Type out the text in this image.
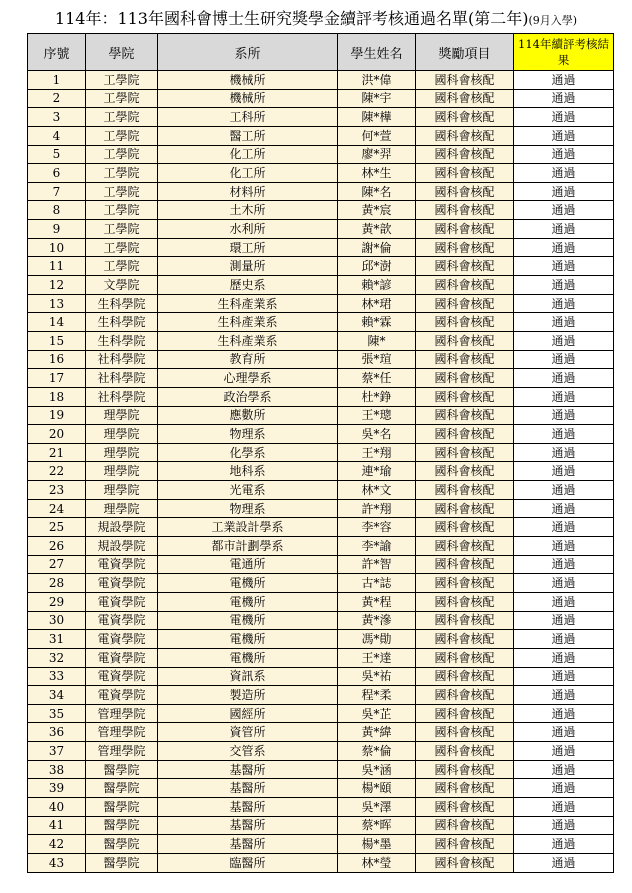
114年：113年國科會博士生研究獎學金續評考核通過名單(第二年)(9月入學)
序號	學院	系所	學生姓名	獎勵項目	114年續評考核結果
1	工學院	機械所	洪*偉	國科會核配	通過
2	工學院	機械所	陳*宇	國科會核配	通過
3	工學院	工科所	陳*樺	國科會核配	通過
4	工學院	醫工所	何*萱	國科會核配	通過
5	工學院	化工所	廖*羿	國科會核配	通過
6	工學院	化工所	林*生	國科會核配	通過
7	工學院	材料所	陳*名	國科會核配	通過
8	工學院	土木所	黃*宸	國科會核配	通過
9	工學院	水利所	黃*歆	國科會核配	通過
10	工學院	環工所	謝*倫	國科會核配	通過
11	工學院	測量所	邱*澍	國科會核配	通過
12	文學院	歷史系	賴*諺	國科會核配	通過
13	生科學院	生科產業系	林*珺	國科會核配	通過
14	生科學院	生科產業系	賴*霖	國科會核配	通過
15	生科學院	生科產業系	陳*	國科會核配	通過
16	社科學院	教育所	張*瑄	國科會核配	通過
17	社科學院	心理學系	蔡*任	國科會核配	通過
18	社科學院	政治學系	杜*錚	國科會核配	通過
19	理學院	應數所	王*璁	國科會核配	通過
20	理學院	物理系	吳*名	國科會核配	通過
21	理學院	化學系	王*翔	國科會核配	通過
22	理學院	地科系	連*瑜	國科會核配	通過
23	理學院	光電系	林*文	國科會核配	通過
24	理學院	物理系	許*翔	國科會核配	通過
25	規設學院	工業設計學系	李*容	國科會核配	通過
26	規設學院	都市計劃學系	李*諭	國科會核配	通過
27	電資學院	電通所	許*智	國科會核配	通過
28	電資學院	電機所	古*誌	國科會核配	通過
29	電資學院	電機所	黃*程	國科會核配	通過
30	電資學院	電機所	黃*滲	國科會核配	通過
31	電資學院	電機所	馮*勛	國科會核配	通過
32	電資學院	電機所	王*達	國科會核配	通過
33	電資學院	資訊系	吳*祐	國科會核配	通過
34	電資學院	製造所	程*柔	國科會核配	通過
35	管理學院	國經所	吳*芷	國科會核配	通過
36	管理學院	資管所	黃*緯	國科會核配	通過
37	管理學院	交管系	蔡*倫	國科會核配	通過
38	醫學院	基醫所	吳*涵	國科會核配	通過
39	醫學院	基醫所	楊*頤	國科會核配	通過
40	醫學院	基醫所	吳*澤	國科會核配	通過
41	醫學院	基醫所	蔡*晖	國科會核配	通過
42	醫學院	基醫所	楊*墨	國科會核配	通過
43	醫學院	臨醫所	林*瑩	國科會核配	通過
